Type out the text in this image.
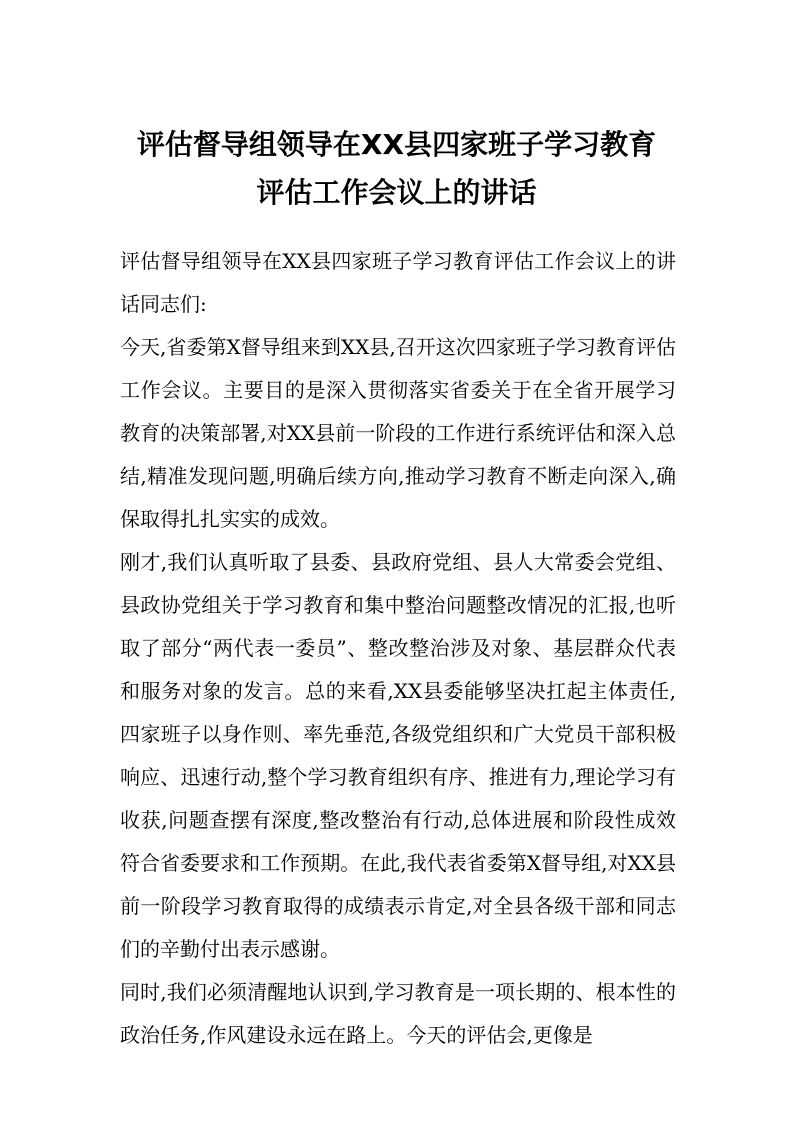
评估督导组领导在XX县四家班子学习教育
评估工作会议上的讲话

评估督导组领导在XX县四家班子学习教育评估工作会议上的讲话同志们:

今天,省委第X督导组来到XX县,召开这次四家班子学习教育评估工作会议。主要目的是深入贯彻落实省委关于在全省开展学习教育的决策部署,对XX县前一阶段的工作进行系统评估和深入总结,精准发现问题,明确后续方向,推动学习教育不断走向深入,确保取得扎扎实实的成效。

刚才,我们认真听取了县委、县政府党组、县人大常委会党组、县政协党组关于学习教育和集中整治问题整改情况的汇报,也听取了部分“两代表一委员”、整改整治涉及对象、基层群众代表和服务对象的发言。总的来看,XX县委能够坚决扛起主体责任,四家班子以身作则、率先垂范,各级党组织和广大党员干部积极响应、迅速行动,整个学习教育组织有序、推进有力,理论学习有收获,问题查摆有深度,整改整治有行动,总体进展和阶段性成效符合省委要求和工作预期。在此,我代表省委第X督导组,对XX县前一阶段学习教育取得的成绩表示肯定,对全县各级干部和同志们的辛勤付出表示感谢。

同时,我们必须清醒地认识到,学习教育是一项长期的、根本性的政治任务,作风建设永远在路上。今天的评估会,更像是
